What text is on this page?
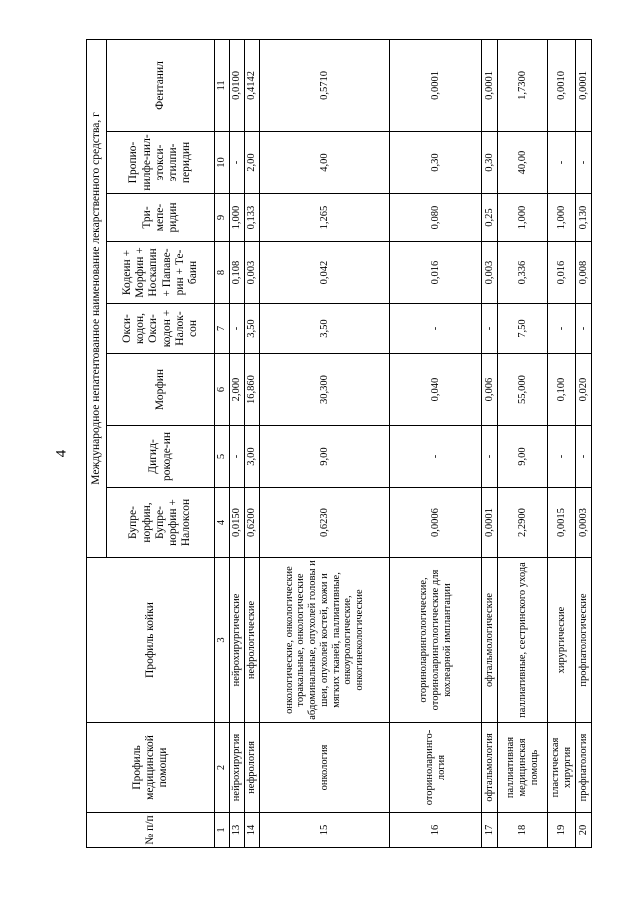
4
№ п/п	Профиль медицинской помощи	Профиль койки	Международное непатентованное наименование лекарственного средства, г							
			Бупре-норфин, Бупре-норфин + Налоксон	Дигид-рокоде-ин	Морфин	Окси-кодон, Окси-кодон + Налок-сон	Кодеин + Морфин + Носкапин + Папаве-рин + Те-баин	Три-мепе-ридин	Пропио-нилфе-нил-этокси-этилпи-перидин	Фентанил
1	2	3	4	5	6	7	8	9	10	11
13	нейрохирургия	нейрохирургические	0,0150	-	2,000	-	0,108	1,000	-	0,0100
14	нефрология	нефрологические	0,6200	3,00	16,860	3,50	0,003	0,133	2,00	0,4142
15	онкология	онкологические, онкологические торакальные, онкологические абдоминальные, опухолей головы и шеи, опухолей костей, кожи и мягких тканей, паллиативные, онкоурологические, онкогинекологические	0,6230	9,00	30,300	3,50	0,042	1,265	4,00	0,5710
16	оториноларинго-логия	оториноларингологические, оториноларингологические для кохлеарной имплантации	0,0006	-	0,040	-	0,016	0,080	0,30	0,0001
17	офтальмология	офтальмологические	0,0001	-	0,006	-	0,003	0,25	0,30	0,0001
18	паллиативная медицинская помощь	паллиативные, сестринского ухода	2,2900	9,00	55,000	7,50	0,336	1,000	40,00	1,7300
19	пластическая хирургия	хирургические	0,0015	-	0,100	-	0,016	1,000	-	0,0010
20	профпатология	профпатологические	0,0003	-	0,020	-	0,008	0,130	-	0,0001
